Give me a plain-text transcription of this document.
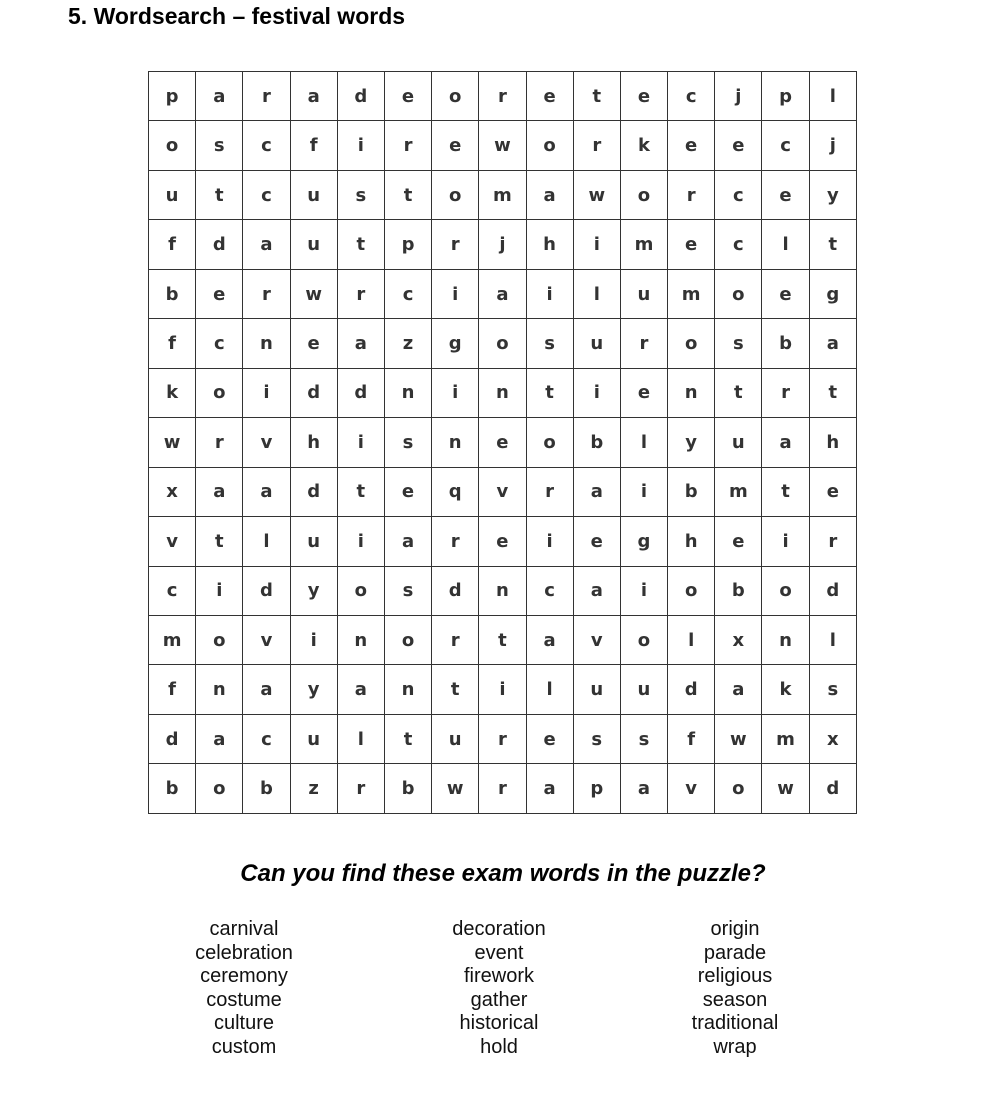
5. Wordsearch – festival words
p	a	r	a	d	e	o	r	e	t	e	c	j	p	l
o	s	c	f	i	r	e	w	o	r	k	e	e	c	j
u	t	c	u	s	t	o	m	a	w	o	r	c	e	y
f	d	a	u	t	p	r	j	h	i	m	e	c	l	t
b	e	r	w	r	c	i	a	i	l	u	m	o	e	g
f	c	n	e	a	z	g	o	s	u	r	o	s	b	a
k	o	i	d	d	n	i	n	t	i	e	n	t	r	t
w	r	v	h	i	s	n	e	o	b	l	y	u	a	h
x	a	a	d	t	e	q	v	r	a	i	b	m	t	e
v	t	l	u	i	a	r	e	i	e	g	h	e	i	r
c	i	d	y	o	s	d	n	c	a	i	o	b	o	d
m	o	v	i	n	o	r	t	a	v	o	l	x	n	l
f	n	a	y	a	n	t	i	l	u	u	d	a	k	s
d	a	c	u	l	t	u	r	e	s	s	f	w	m	x
b	o	b	z	r	b	w	r	a	p	a	v	o	w	d
Can you find these exam words in the puzzle?
carnival
celebration
ceremony
costume
culture
custom
decoration
event
firework
gather
historical
hold
origin
parade
religious
season
traditional
wrap
